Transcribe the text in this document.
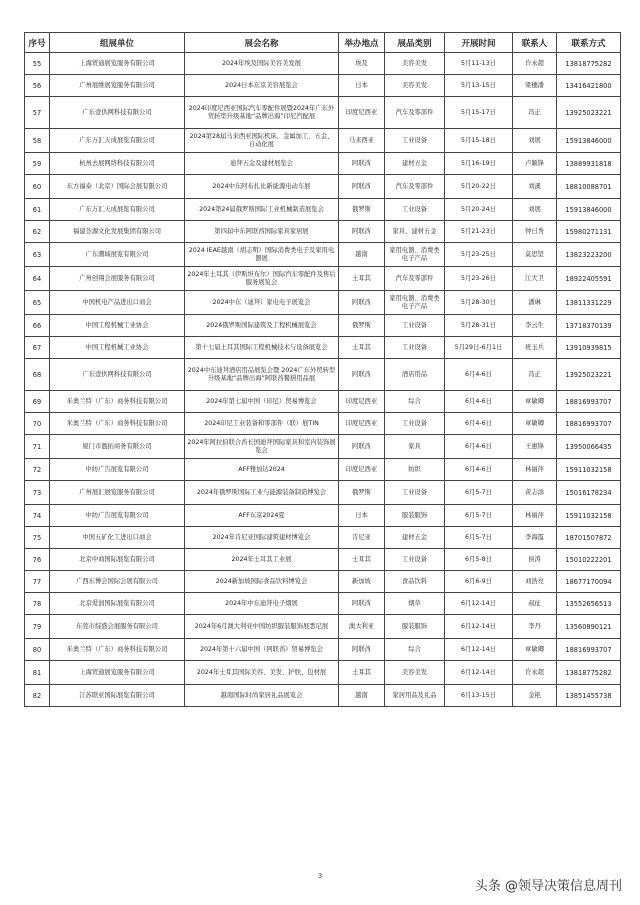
序号	组展单位	展会名称	举办地点	展品类别	开展时间	联系人	联系方式
55	上海贸通展览服务有限公司	2024年埃及国际美容美发展	埃及	美容美发	5月11-13日	许永超	13818775282
56	广州展维展览服务有限公司	2024日本东京美容展览会	日本	美容美发	5月13-15日	梁穗潘	13416421800
57	广东壹供网科技有限公司	2024印度尼西亚国际汽车零配件展暨2024年广东外贸转型升级基地“品牌出海”印尼汽配展	印度尼西亚	汽车及零部件	5月15-17日	冯正	13925023221
58	广东万汇天成展览有限公司	2024第28届马来西亚国际机床、金属加工、五金、自动化展	马来西亚	工业设备	5月15-18日	刘展	15913846000
59	杭州去展网络科技有限公司	迪拜五金及建材展览会	阿联酋	建材五金	5月16-19日	卢颖锋	13889931818
60	东方福泰（北京）国际会展有限公司	2024中东阿布扎比新能源电动车展	阿联酋	汽车及零部件	5月20-22日	刘溪	18810088701
61	广东万汇天成展览有限公司	2024第24届俄罗斯国际工业机械制造展览会	俄罗斯	工业设备	5月20-24日	刘展	15913846000
62	福建荟源文化发展集团有限公司	第四届中东阿联酋国际家具家居展	阿联酋	家具、建材五金	5月21-23日	钟日秀	15980271131
63	广东潮域展览有限公司	2024 IEAE越南（胡志明）国际消费类电子及家用电器展	越南	家用电器、消费类电子产品	5月23-25日	莫思坚	13823223200
64	广州创翔会展服务有限公司	2024年土耳其（伊斯坦布尔）国际汽车零配件及售后服务展览会	土耳其	汽车及零部件	5月23-26日	江大卫	18922405591
65	中国机电产品进出口商会	2024中东（迪拜）家电电子展览会	阿联酋	家用电器、消费类电子产品	5月28-30日	潘琳	13811331229
66	中国工程机械工业协会	2024俄罗斯国际建筑及工程机械展览会	俄罗斯	工业设备	5月28-31日	李云生	13718370139
67	中国工程机械工业协会	第十七届土耳其国际工程机械技术与设备展览会	土耳其	工业设备	5月29日-6月1日	班玉兵	13910939815
68	广东壹供网科技有限公司	2024中东迪拜酒店用品展览会暨 2024广东外贸转型升级基地“品牌出海”阿联酋餐厨用品展	阿联酋	酒店用品	6月4-6日	冯正	13925023221
69	米奥兰特（广东）商务科技有限公司	2024年第七届中国（印尼）贸易博览会	印度尼西亚	综合	6月4-6日	章敏卿	18816993707
70	米奥兰特（广东）商务科技有限公司	2024印尼工业装备和零部件（联）展TIN	印度尼西亚	工业设备	6月4-6日	章敏卿	18816993707
71	厦门市盈拓商务有限公司	2024年阿拉伯联合酋长国迪拜国际家具和室内装饰展览会	阿联酋	家具	6月4-6日	王惠锋	13950066435
72	中纺广告展览有限公司	AFF雅加达2024	印度尼西亚	纺织	6月4-6日	林丽萍	15911032158
73	广州展汇展览服务有限公司	2024年俄罗斯国际工业与能源装备制造博览会	俄罗斯	工业设备	6月5-7日	黄志添	15016178234
74	中纺广告展览有限公司	AFF东京2024夏	日本	服装服饰	6月5-7日	林丽萍	15911032158
75	中国五矿化工进出口商会	2024年肯尼亚国际建筑建材博览会	肯尼亚	建材五金	6月5-7日	李海霞	18701507872
76	北京中商国际展览有限公司	2024年土耳其工业展	土耳其	工业设备	6月5-8日	侯涛	15010222201
77	广西东博会国际会展有限公司	2024新加坡国际食品饮料博览会	新加坡	食品饮料	6月6-9日	刘浩亮	18677170094
78	北京爱润国际展览有限公司	2024年中东迪拜电子烟展	阿联酋	烟草	6月12-14日	叔征	13552656513
79	东莞市绽盛会展服务有限公司	2024年6月澳大利亚中国纺织服装服饰展悉尼展	澳大利亚	服装服饰	6月12-14日	李丹	13560890121
80	米奥兰特（广东）商务科技有限公司	2024年第十六届中国（阿联酋）贸易博览会	阿联酋	综合	6月12-14日	章敏卿	18816993707
81	上海贸通展览服务有限公司	2024年土耳其国际美容、美发、护肤、包材展	土耳其	美容美发	6月12-14日	许永超	13818775282
82	江苏联亚国际展览有限公司	越南国际时尚家居礼品展览会	越南	家居用品及礼品	6月13-15日	金艳	13851455738
3
头条 @领导决策信息周刊
